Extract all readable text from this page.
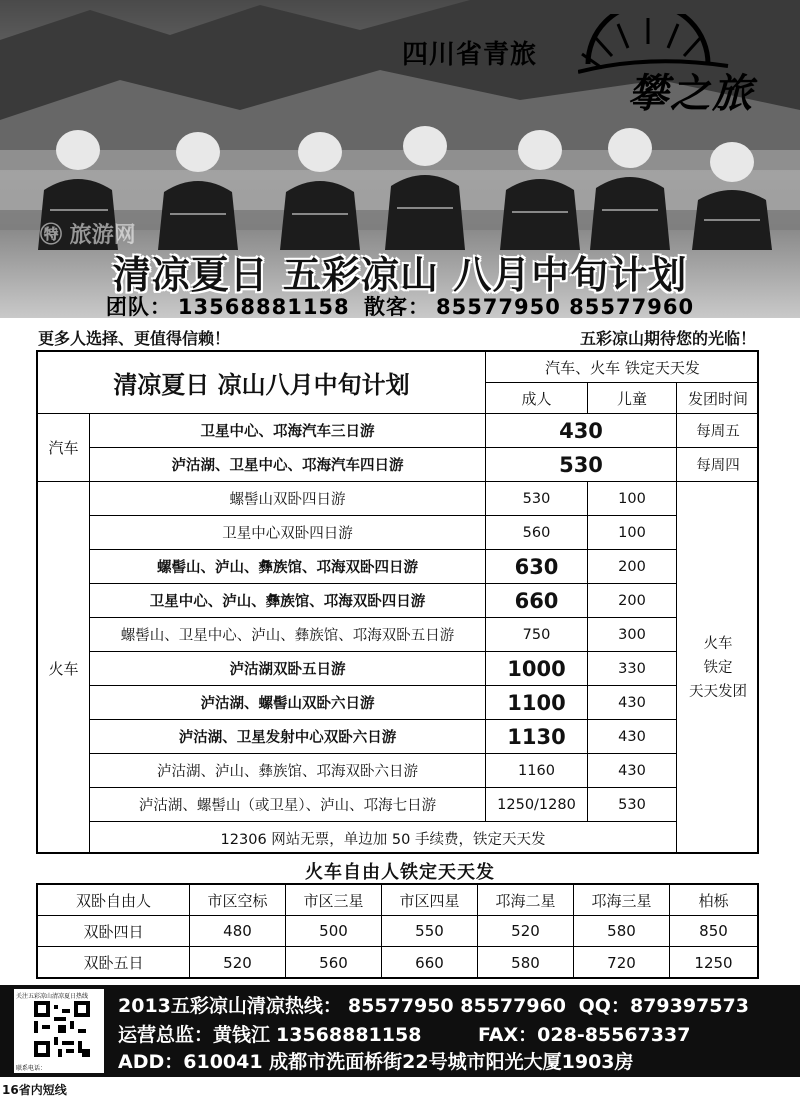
四川省青旅
攀之旅
㊕ 旅游网
清凉夏日 五彩凉山 八月中旬计划
团队： 13568881158 散客： 85577950 85577960
更多人选择、更值得信赖！	五彩凉山期待您的光临！
清凉夏日 凉山八月中旬计划
汽车、火车 铁定天天发
成人	儿童	发团时间
汽车
卫星中心、邛海汽车三日游	430	每周五
泸沽湖、卫星中心、邛海汽车四日游	530	每周四
火车
螺髻山双卧四日游	530	100
卫星中心双卧四日游	560	100
螺髻山、泸山、彝族馆、邛海双卧四日游	630	200
卫星中心、泸山、彝族馆、邛海双卧四日游	660	200
螺髻山、卫星中心、泸山、彝族馆、邛海双卧五日游	750	300
泸沽湖双卧五日游	1000	330
泸沽湖、螺髻山双卧六日游	1100	430
泸沽湖、卫星发射中心双卧六日游	1130	430
泸沽湖、泸山、彝族馆、邛海双卧六日游	1160	430
泸沽湖、螺髻山（或卫星）、泸山、邛海七日游	1250/1280	530
火车
铁定
天天发团
12306 网站无票，单边加 50 手续费，铁定天天发
火车自由人铁定天天发
双卧自由人	市区空标	市区三星	市区四星	邛海二星	邛海三星	柏栎
双卧四日	480	500	550	520	580	850
双卧五日	520	560	660	580	720	1250
关注五彩凉山清凉夏日热线
联系电话：
2013五彩凉山清凉热线： 85577950 85577960 QQ：879397573
运营总监：黄钱江 13568881158	FAX：028-85567337
ADD：610041 成都市洗面桥街22号城市阳光大厦1903房
16省内短线
